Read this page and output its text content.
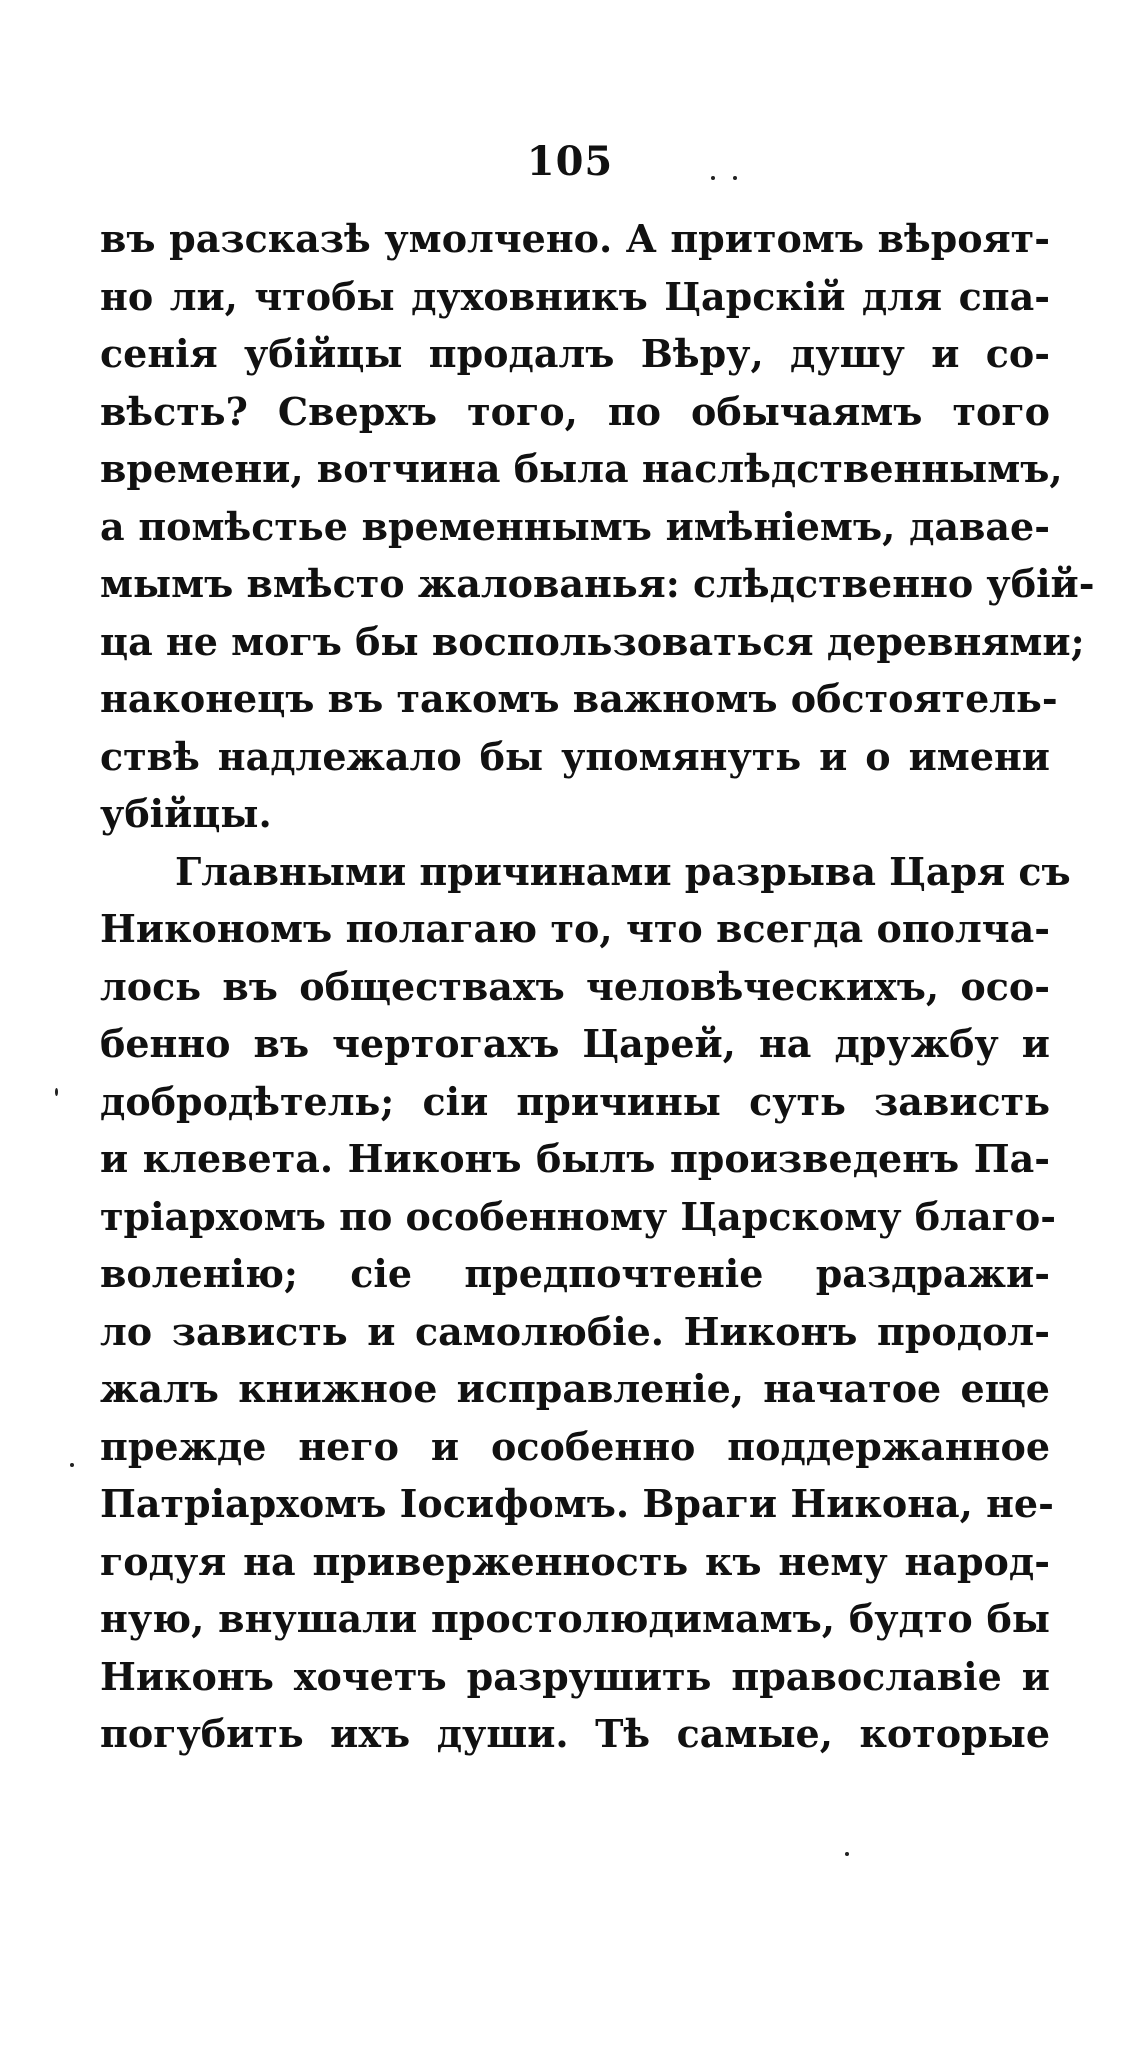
105
въ разсказѣ умолчено. А притомъ вѣроят-
но ли, чтобы духовникъ Царскій для спа-
сенія убійцы продалъ Вѣру, душу и со-
вѣсть? Сверхъ того, по обычаямъ того
времени, вотчина была наслѣдственнымъ,
а помѣстье временнымъ имѣніемъ, давае-
мымъ вмѣсто жалованья: слѣдственно убій-
ца не могъ бы воспользоваться деревнями;
наконецъ въ такомъ важномъ обстоятель-
ствѣ надлежало бы упомянуть и о имени
убійцы.
Главными причинами разрыва Царя съ
Никономъ полагаю то, что всегда ополча-
лось въ обществахъ человѣческихъ, осо-
бенно въ чертогахъ Царей, на дружбу и
добродѣтель; сіи причины суть зависть
и клевета. Никонъ былъ произведенъ Па-
тріархомъ по особенному Царскому благо-
воленію; сіе предпочтеніе раздражи-
ло зависть и самолюбіе. Никонъ продол-
жалъ книжное исправленіе, начатое еще
прежде него и особенно поддержанное
Патріархомъ Іосифомъ. Враги Никона, не-
годуя на приверженность къ нему народ-
ную, внушали простолюдимамъ, будто бы
Никонъ хочетъ разрушить православіе и
погубить ихъ души. Тѣ самые, которые
